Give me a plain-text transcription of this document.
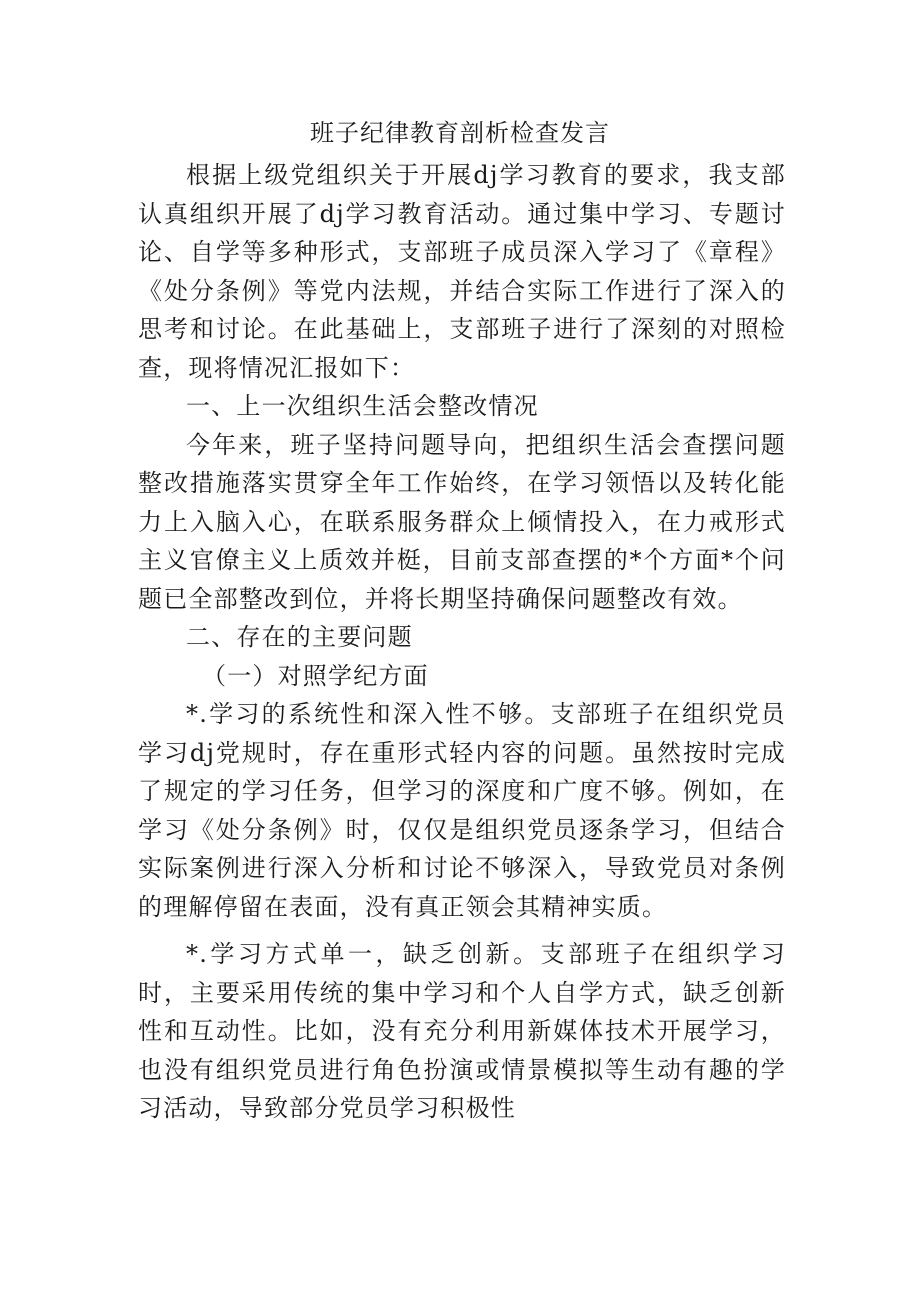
班子纪律教育剖析检查发言

根据上级党组织关于开展dj学习教育的要求，我支部认真组织开展了dj学习教育活动。通过集中学习、专题讨论、自学等多种形式，支部班子成员深入学习了《章程》《处分条例》等党内法规，并结合实际工作进行了深入的思考和讨论。在此基础上，支部班子进行了深刻的对照检查，现将情况汇报如下：

一、上一次组织生活会整改情况

今年来，班子坚持问题导向，把组织生活会查摆问题整改措施落实贯穿全年工作始终，在学习领悟以及转化能力上入脑入心，在联系服务群众上倾情投入，在力戒形式主义官僚主义上质效并梃，目前支部查摆的*个方面*个问题已全部整改到位，并将长期坚持确保问题整改有效。

二、存在的主要问题

（一）对照学纪方面

*.学习的系统性和深入性不够。支部班子在组织党员学习dj党规时，存在重形式轻内容的问题。虽然按时完成了规定的学习任务，但学习的深度和广度不够。例如，在学习《处分条例》时，仅仅是组织党员逐条学习，但结合实际案例进行深入分析和讨论不够深入，导致党员对条例的理解停留在表面，没有真正领会其精神实质。

*.学习方式单一，缺乏创新。支部班子在组织学习时，主要采用传统的集中学习和个人自学方式，缺乏创新性和互动性。比如，没有充分利用新媒体技术开展学习，也没有组织党员进行角色扮演或情景模拟等生动有趣的学习活动，导致部分党员学习积极性
